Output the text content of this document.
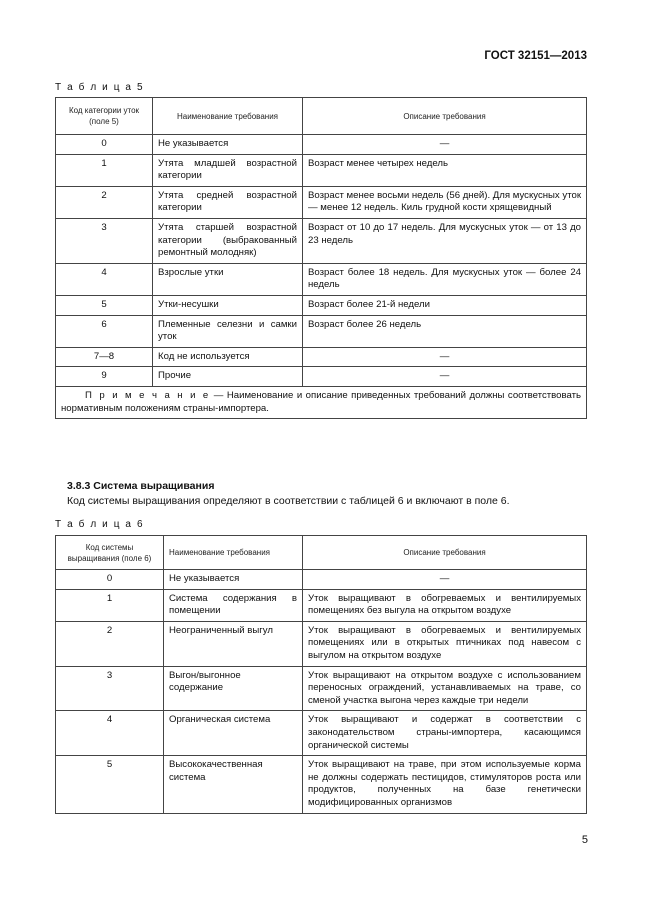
ГОСТ 32151—2013
Т а б л и ц а 5
Код категории уток (поле 5)	Наименование требования	Описание требования
0	Не указывается	—
1	Утята младшей возрастной категории	Возраст менее четырех недель
2	Утята средней возрастной категории	Возраст менее восьми недель (56 дней). Для мускусных уток — менее 12 недель. Киль грудной кости хрящевидный
3	Утята старшей возрастной категории (выбракованный ремонтный молодняк)	Возраст от 10 до 17 недель. Для мускусных уток — от 13 до 23 недель
4	Взрослые утки	Возраст более 18 недель. Для мускусных уток — более 24 недель
5	Утки-несушки	Возраст более 21-й недели
6	Племенные селезни и самки уток	Возраст более 26 недель
7—8	Код не используется	—
9	Прочие	—
П р и м е ч а н и е — Наименование и описание приведенных требований должны соответствовать нормативным положениям страны-импортера.		
3.8.3 Система выращивания
Код системы выращивания определяют в соответствии с таблицей 6 и включают в поле 6.
Т а б л и ц а 6
Код системы выращивания (поле 6)	Наименование требования	Описание требования
0	Не указывается	—
1	Система содержания в помещении	Уток выращивают в обогреваемых и вентилируемых помещениях без выгула на открытом воздухе
2	Неограниченный выгул	Уток выращивают в обогреваемых и вентилируемых помещениях или в открытых птичниках под навесом с выгулом на открытом воздухе
3	Выгон/выгонное содержание	Уток выращивают на открытом воздухе с использованием переносных ограждений, устанавливаемых на траве, со сменой участка выгона через каждые три недели
4	Органическая система	Уток выращивают и содержат в соответствии с законодательством страны-импортера, касающимся органической системы
5	Высококачественная система	Уток выращивают на траве, при этом используемые корма не должны содержать пестицидов, стимуляторов роста или продуктов, полученных на базе генетически модифицированных организмов
5
